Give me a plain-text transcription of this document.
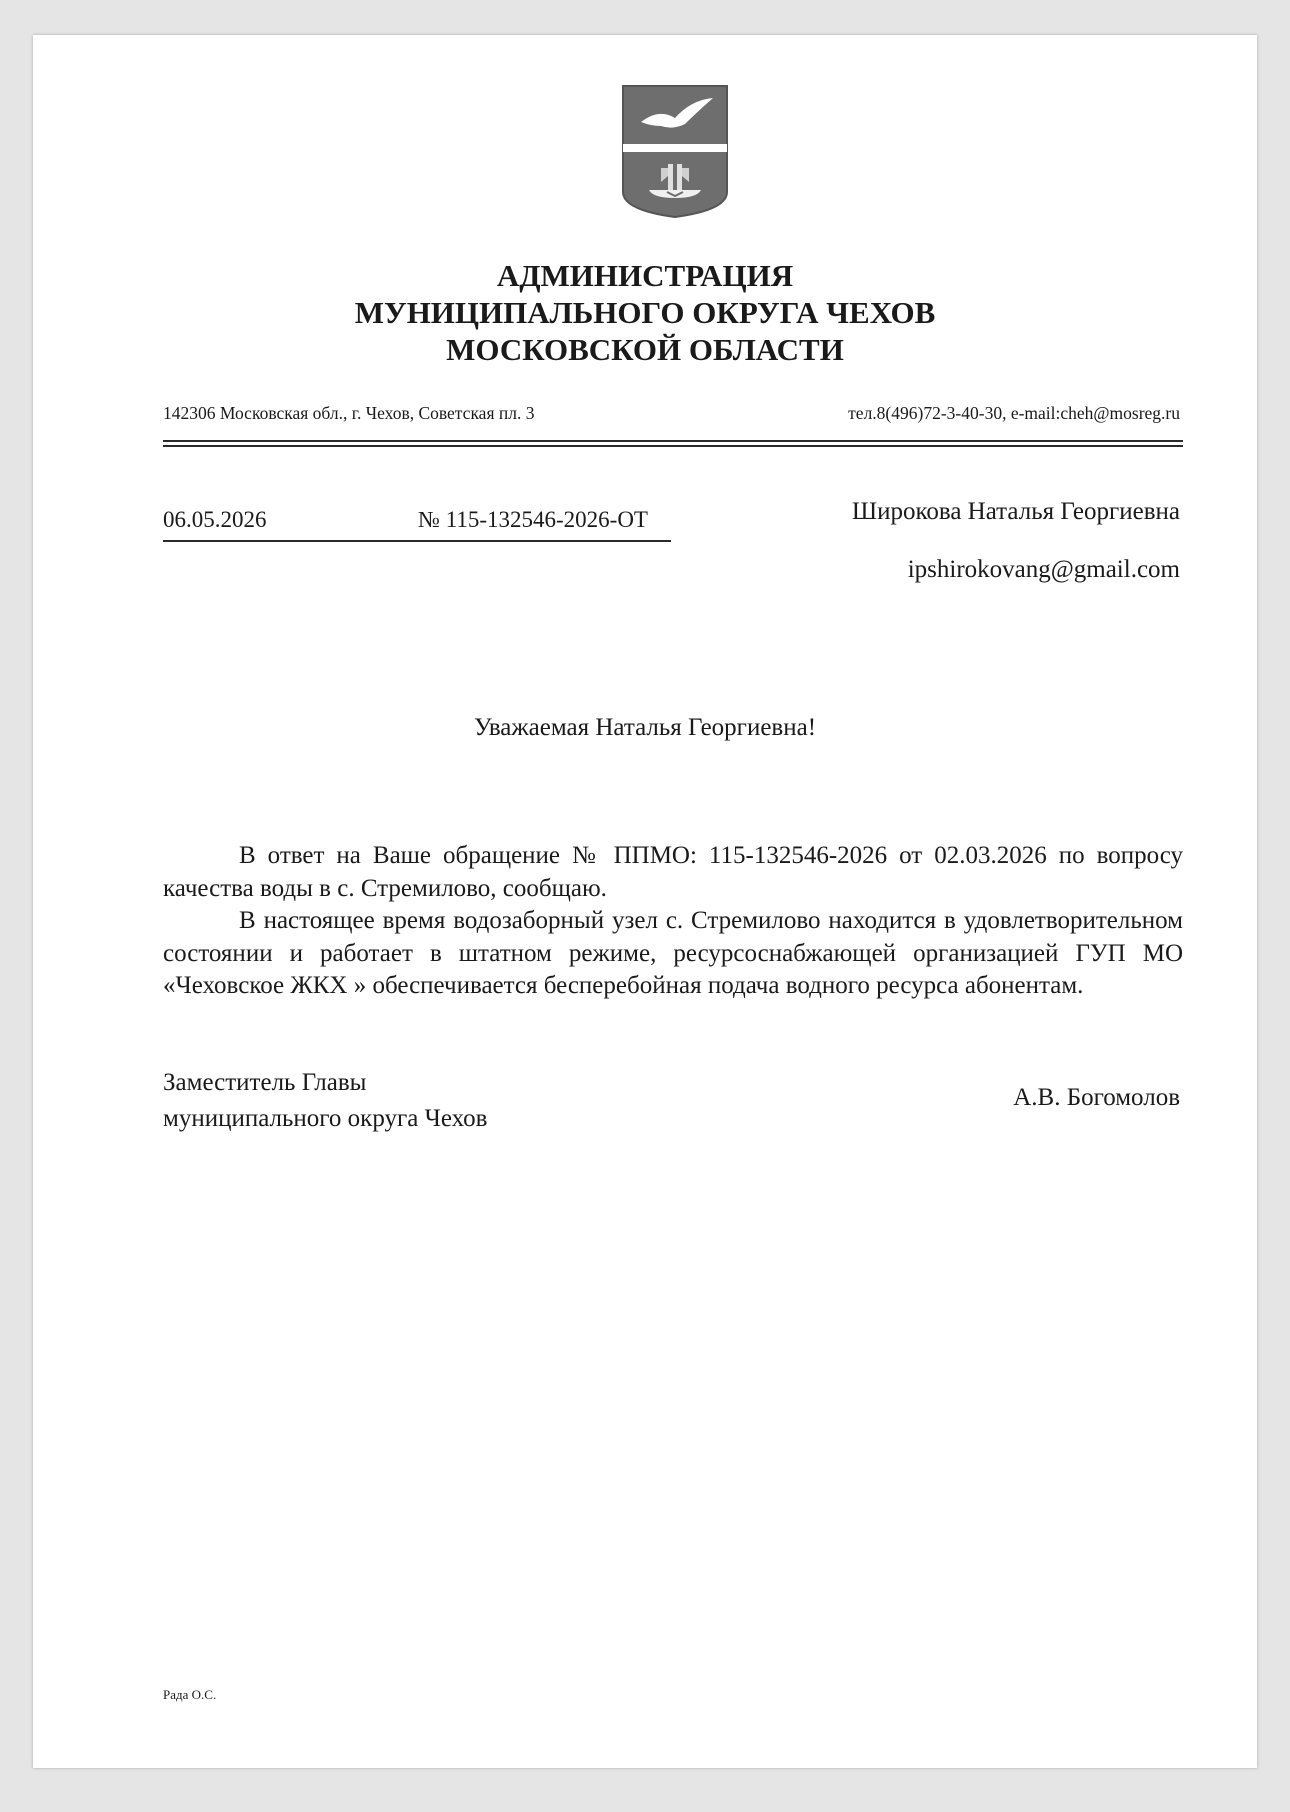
АДМИНИСТРАЦИЯ
МУНИЦИПАЛЬНОГО ОКРУГА ЧЕХОВ
МОСКОВСКОЙ ОБЛАСТИ
142306 Московская обл., г. Чехов, Советская пл. 3	тел.8(496)72-3-40-30, e-mail:cheh@mosreg.ru
06.05.2026	№ 115-132546-2026-ОТ	Широкова Наталья Георгиевна
ipshirokovang@gmail.com
Уважаемая Наталья Георгиевна!

В ответ на Ваше обращение № ППМО: 115-132546-2026 от 02.03.2026 по вопросу качества воды в с. Стремилово, сообщаю.

В настоящее время водозаборный узел с. Стремилово находится в удовлетворительном состоянии и работает в штатном режиме, ресурсоснабжающей организацией ГУП МО «Чеховское ЖКХ » обеспечивается бесперебойная подача водного ресурса абонентам.

Заместитель Главы
муниципального округа Чехов
А.В. Богомолов
Рада О.С.
